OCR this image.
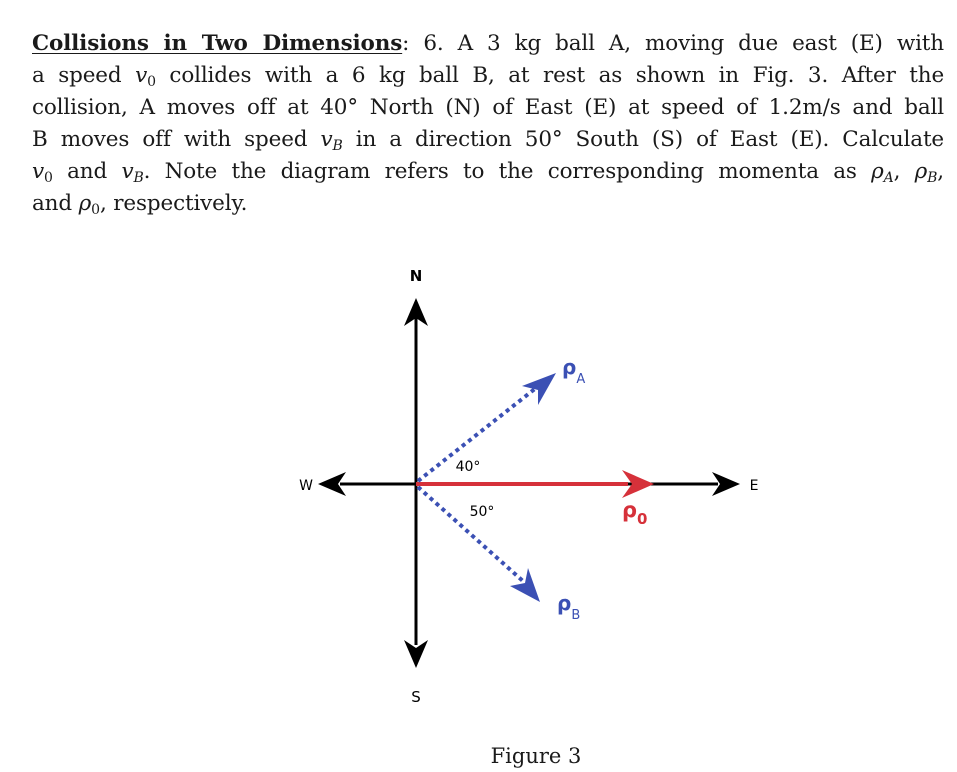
Collisions in Two Dimensions: 6. A 3 kg ball A, moving due east (E) with
a speed $v_0$ collides with a 6 kg ball B, at rest as shown in Fig. 3. After the
collision, A moves off at 40° North (N) of East (E) at speed of 1.2m/s and ball
B moves off with speed $v_B$ in a direction 50° South (S) of East (E). Calculate
$v_0$ and $v_B$. Note the diagram refers to the corresponding momenta as $\rho_A$, $\rho_B$,
and $\rho_0$, respectively.
N
S
W	E
40°
50°
$\rho_A$
$\rho_B$
$\rho_0$
Figure 3
